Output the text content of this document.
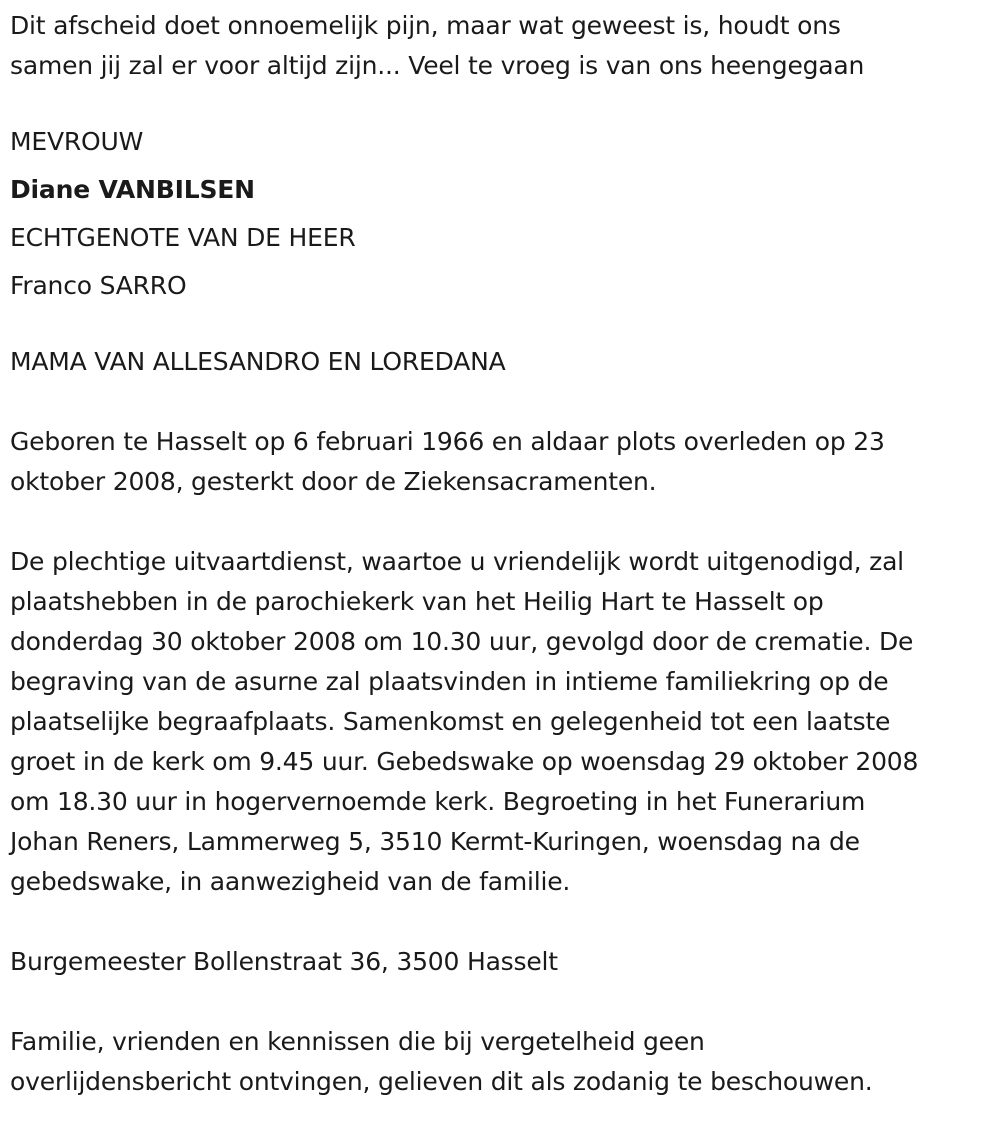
Dit afscheid doet onnoemelijk pijn, maar wat geweest is, houdt ons
samen jij zal er voor altijd zijn... Veel te vroeg is van ons heengegaan
MEVROUW
Diane VANBILSEN
ECHTGENOTE VAN DE HEER
Franco SARRO
MAMA VAN ALLESANDRO EN LOREDANA
Geboren te Hasselt op 6 februari 1966 en aldaar plots overleden op 23
oktober 2008, gesterkt door de Ziekensacramenten.
De plechtige uitvaartdienst, waartoe u vriendelijk wordt uitgenodigd, zal
plaatshebben in de parochiekerk van het Heilig Hart te Hasselt op
donderdag 30 oktober 2008 om 10.30 uur, gevolgd door de crematie. De
begraving van de asurne zal plaatsvinden in intieme familiekring op de
plaatselijke begraafplaats. Samenkomst en gelegenheid tot een laatste
groet in de kerk om 9.45 uur. Gebedswake op woensdag 29 oktober 2008
om 18.30 uur in hogervernoemde kerk. Begroeting in het Funerarium
Johan Reners, Lammerweg 5, 3510 Kermt-Kuringen, woensdag na de
gebedswake, in aanwezigheid van de familie.
Burgemeester Bollenstraat 36, 3500 Hasselt
Familie, vrienden en kennissen die bij vergetelheid geen
overlijdensbericht ontvingen, gelieven dit als zodanig te beschouwen.
